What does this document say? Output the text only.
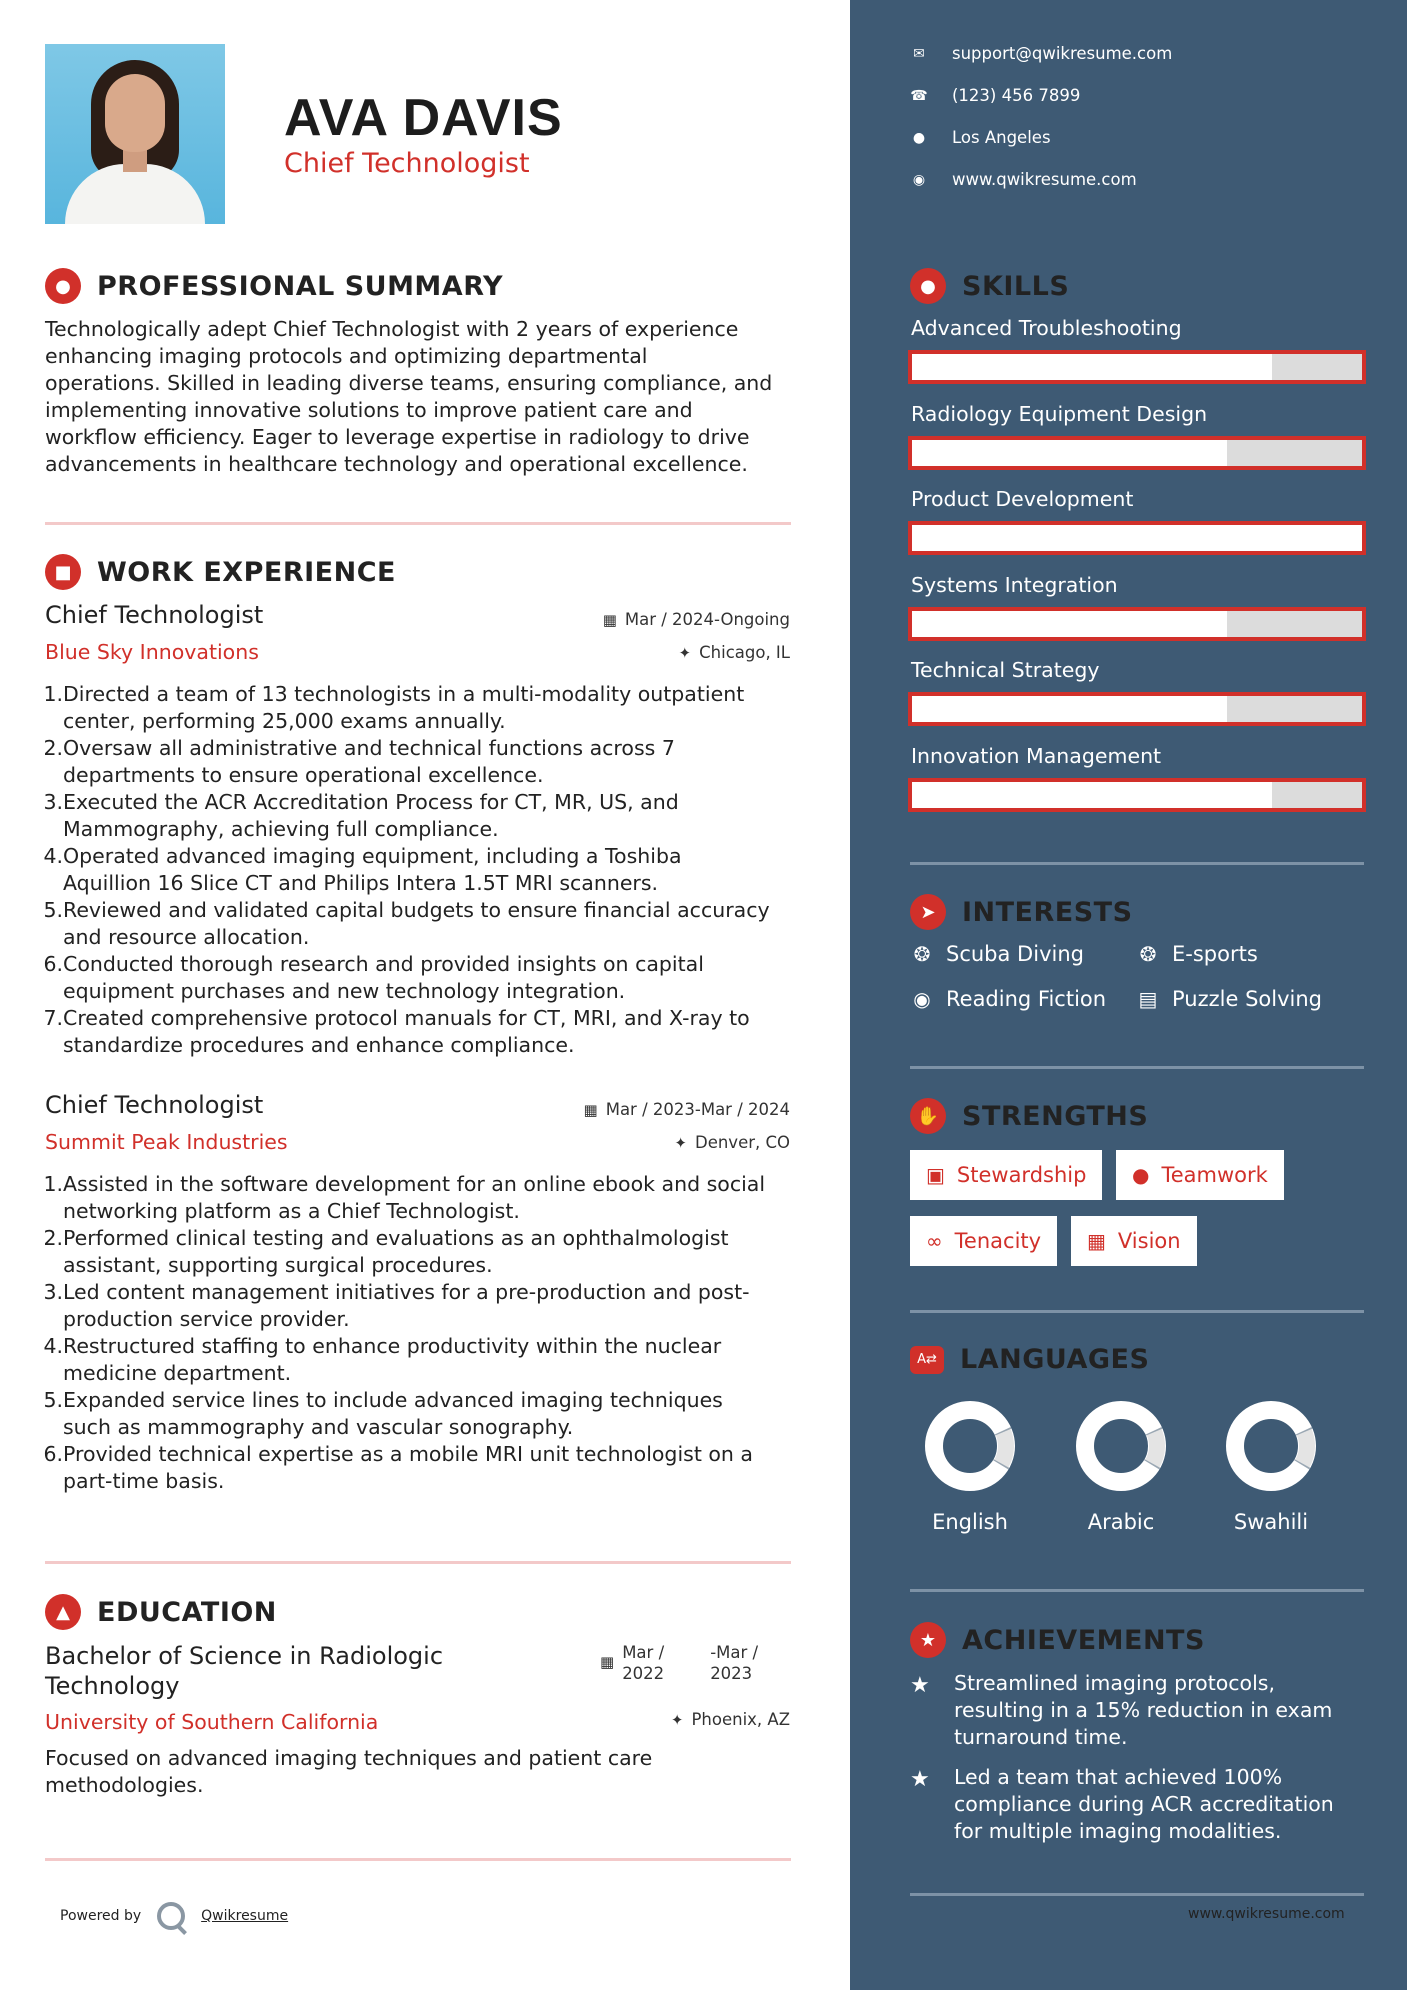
AVA DAVIS
Chief Technologist
● PROFESSIONAL SUMMARY
Technologically adept Chief Technologist with 2 years of experience
enhancing imaging protocols and optimizing departmental
operations. Skilled in leading diverse teams, ensuring compliance, and
implementing innovative solutions to improve patient care and
workflow efficiency. Eager to leverage expertise in radiology to drive
advancements in healthcare technology and operational excellence.
■ WORK EXPERIENCE
Chief Technologist
Blue Sky Innovations
▦ Mar / 2024-Ongoing
✦ Chicago, IL
1. Directed a team of 13 technologists in a multi-modality outpatient
center, performing 25,000 exams annually.
2. Oversaw all administrative and technical functions across 7
departments to ensure operational excellence.
3. Executed the ACR Accreditation Process for CT, MR, US, and
Mammography, achieving full compliance.
4. Operated advanced imaging equipment, including a Toshiba
Aquillion 16 Slice CT and Philips Intera 1.5T MRI scanners.
5. Reviewed and validated capital budgets to ensure financial accuracy
and resource allocation.
6. Conducted thorough research and provided insights on capital
equipment purchases and new technology integration.
7. Created comprehensive protocol manuals for CT, MRI, and X-ray to
standardize procedures and enhance compliance.
Chief Technologist
Summit Peak Industries
▦ Mar / 2023-Mar / 2024
✦ Denver, CO
1. Assisted in the software development for an online ebook and social
networking platform as a Chief Technologist.
2. Performed clinical testing and evaluations as an ophthalmologist
assistant, supporting surgical procedures.
3. Led content management initiatives for a pre-production and post-
production service provider.
4. Restructured staffing to enhance productivity within the nuclear
medicine department.
5. Expanded service lines to include advanced imaging techniques
such as mammography and vascular sonography.
6. Provided technical expertise as a mobile MRI unit technologist on a
part-time basis.
▲	EDUCATION
Bachelor of Science in Radiologic
Technology
▦ Mar /
2022
-Mar /
2023
University of Southern California	✦ Phoenix, AZ
Focused on advanced imaging techniques and patient care
methodologies.
Powered by	Qwikresume
✉ support@qwikresume.com
☎ (123) 456 7899
● Los Angeles
◉ www.qwikresume.com
● SKILLS
Advanced Troubleshooting
Radiology Equipment Design
Product Development
Systems Integration
Technical Strategy
Innovation Management
➤ INTERESTS
❂ Scuba Diving	❂ E-sports
◉ Reading Fiction ▤ Puzzle Solving
✋ STRENGTHS
▣ Stewardship ● Teamwork
∞ Tenacity ▦ Vision
A⇄ LANGUAGES
English	Arabic	Swahili
★ ACHIEVEMENTS
★	Streamlined imaging protocols,
resulting in a 15% reduction in exam
turnaround time.
★	Led a team that achieved 100%
compliance during ACR accreditation
for multiple imaging modalities.
www.qwikresume.com
